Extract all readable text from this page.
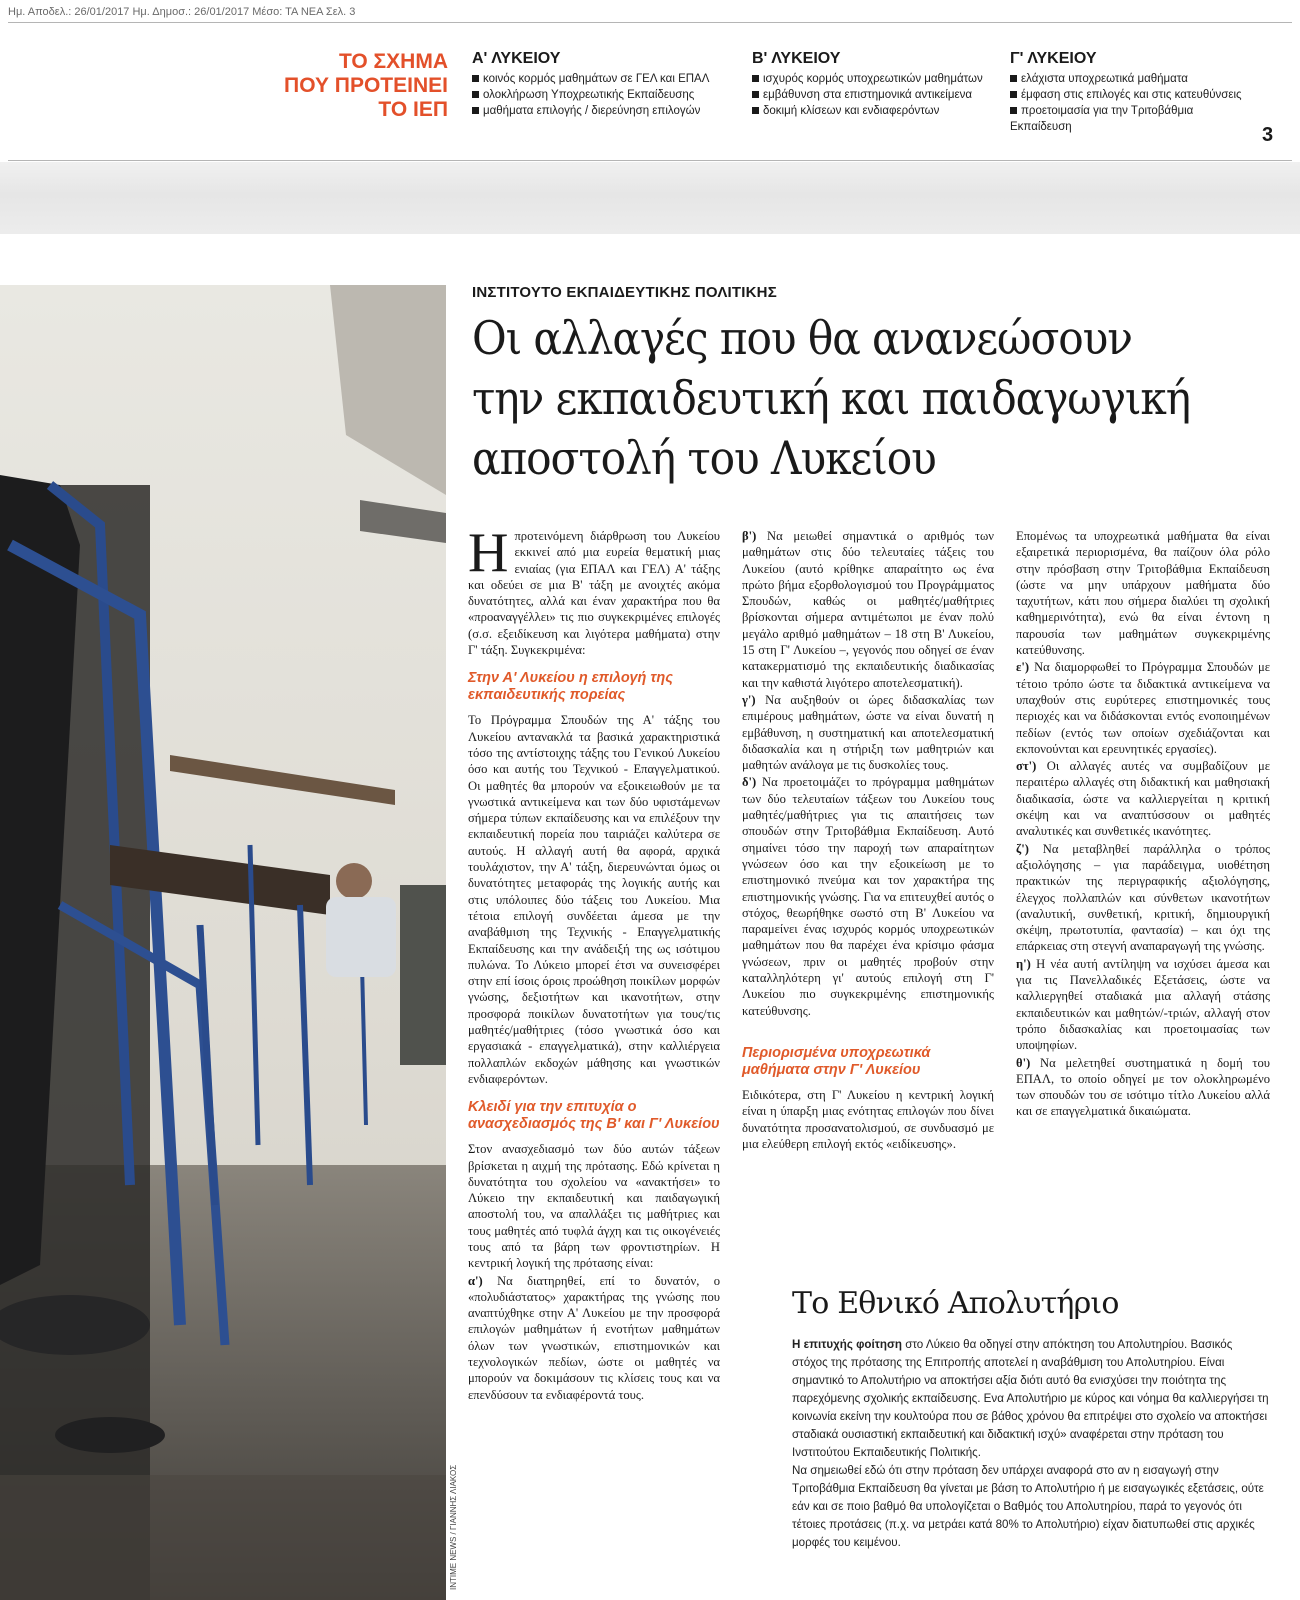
Ημ. Αποδελ.: 26/01/2017 Ημ. Δημοσ.: 26/01/2017 Μέσο: ΤΑ ΝΕΑ Σελ. 3
ΤΟ ΣΧΗΜΑ
ΠΟΥ ΠΡΟΤΕΙΝΕΙ
ΤΟ ΙΕΠ
Α' ΛΥΚΕΙΟΥ
κοινός κορμός μαθημάτων σε ΓΕΛ και ΕΠΑΛ
ολοκλήρωση Υποχρεωτικής Εκπαίδευσης
μαθήματα επιλογής / διερεύνηση επιλογών
Β' ΛΥΚΕΙΟΥ
ισχυρός κορμός υποχρεωτικών μαθημάτων
εμβάθυνση στα επιστημονικά αντικείμενα
δοκιμή κλίσεων και ενδιαφερόντων
Γ' ΛΥΚΕΙΟΥ
ελάχιστα υποχρεωτικά μαθήματα
έμφαση στις επιλογές και στις κατευθύνσεις
προετοιμασία για την Τριτοβάθμια Εκπαίδευση	3
INTIME NEWS / ΓΙΑΝΝΗΣ ΛΙΑΚΟΣ
ΙΝΣΤΙΤΟΥΤΟ ΕΚΠΑΙΔΕΥΤΙΚΗΣ ΠΟΛΙΤΙΚΗΣ
Οι αλλαγές που θα ανανεώσουν
την εκπαιδευτική και παιδαγωγική
αποστολή του Λυκείου

Ηπροτεινόμενη διάρθρωση του Λυκείου εκκινεί από μια ευρεία θεματική μιας ενιαίας (για ΕΠΑΛ και ΓΕΛ) Α' τάξης και οδεύει σε μια Β' τάξη με ανοιχτές ακόμα δυνατότητες, αλλά και έναν χαρακτήρα που θα «προαναγγέλλει» τις πιο συγκεκριμένες επιλογές (σ.σ. εξειδίκευση και λιγότερα μαθήματα) στην Γ' τάξη. Συγκεκριμένα:

Στην Α' Λυκείου η επιλογή της εκπαιδευτικής πορείας

Το Πρόγραμμα Σπουδών της Α' τάξης του Λυκείου αντανακλά τα βασικά χαρακτηριστικά τόσο της αντίστοιχης τάξης του Γενικού Λυκείου όσο και αυτής του Τεχνικού - Επαγγελματικού. Οι μαθητές θα μπορούν να εξοικειωθούν με τα γνωστικά αντικείμενα και των δύο υφιστάμενων σήμερα τύπων εκπαίδευσης και να επιλέξουν την εκπαιδευτική πορεία που ταιριάζει καλύτερα σε αυτούς. Η αλλαγή αυτή θα αφορά, αρχικά τουλάχιστον, την Α' τάξη, διερευνώνται όμως οι δυνατότητες μεταφοράς της λογικής αυτής και στις υπόλοιπες δύο τάξεις του Λυκείου. Μια τέτοια επιλογή συνδέεται άμεσα με την αναβάθμιση της Τεχνικής - Επαγγελματικής Εκπαίδευσης και την ανάδειξή της ως ισότιμου πυλώνα. Το Λύκειο μπορεί έτσι να συνεισφέρει στην επί ίσοις όροις προώθηση ποικίλων μορφών γνώσης, δεξιοτήτων και ικανοτήτων, στην προσφορά ποικίλων δυνατοτήτων για τους/τις μαθητές/μαθήτριες (τόσο γνωστικά όσο και εργασιακά - επαγγελματικά), στην καλλιέργεια πολλαπλών εκδοχών μάθησης και γνωστικών ενδιαφερόντων.

Κλειδί για την επιτυχία ο ανασχεδιασμός της Β' και Γ' Λυκείου

Στον ανασχεδιασμό των δύο αυτών τάξεων βρίσκεται η αιχμή της πρότασης. Εδώ κρίνεται η δυνατότητα του σχολείου να «ανακτήσει» το Λύκειο την εκπαιδευτική και παιδαγωγική αποστολή του, να απαλλάξει τις μαθήτριες και τους μαθητές από τυφλά άγχη και τις οικογένειές τους από τα βάρη των φροντιστηρίων. Η κεντρική λογική της πρότασης είναι:

α') Να διατηρηθεί, επί το δυνατόν, ο «πολυδιάστατος» χαρακτήρας της γνώσης που αναπτύχθηκε στην Α' Λυκείου με την προσφορά επιλογών μαθημάτων ή ενοτήτων μαθημάτων όλων των γνωστικών, επιστημονικών και τεχνολογικών πεδίων, ώστε οι μαθητές να μπορούν να δοκιμάσουν τις κλίσεις τους και να επενδύσουν τα ενδιαφέροντά τους.

β') Να μειωθεί σημαντικά ο αριθμός των μαθημάτων στις δύο τελευταίες τάξεις του Λυκείου (αυτό κρίθηκε απαραίτητο ως ένα πρώτο βήμα εξορθολογισμού του Προγράμματος Σπουδών, καθώς οι μαθητές/μαθήτριες βρίσκονται σήμερα αντιμέτωποι με έναν πολύ μεγάλο αριθμό μαθημάτων – 18 στη Β' Λυκείου, 15 στη Γ' Λυκείου –, γεγονός που οδηγεί σε έναν κατακερματισμό της εκπαιδευτικής διαδικασίας και την καθιστά λιγότερο αποτελεσματική).

γ') Να αυξηθούν οι ώρες διδασκαλίας των επιμέρους μαθημάτων, ώστε να είναι δυνατή η εμβάθυνση, η συστηματική και αποτελεσματική διδασκαλία και η στήριξη των μαθητριών και μαθητών ανάλογα με τις δυσκολίες τους.

δ') Να προετοιμάζει το πρόγραμμα μαθημάτων των δύο τελευταίων τάξεων του Λυκείου τους μαθητές/μαθήτριες για τις απαιτήσεις των σπουδών στην Τριτοβάθμια Εκπαίδευση. Αυτό σημαίνει τόσο την παροχή των απαραίτητων γνώσεων όσο και την εξοικείωση με το επιστημονικό πνεύμα και τον χαρακτήρα της επιστημονικής γνώσης. Για να επιτευχθεί αυτός ο στόχος, θεωρήθηκε σωστό στη Β' Λυκείου να παραμείνει ένας ισχυρός κορμός υποχρεωτικών μαθημάτων που θα παρέχει ένα κρίσιμο φάσμα γνώσεων, πριν οι μαθητές προβούν στην καταλληλότερη γι' αυτούς επιλογή στη Γ' Λυκείου πιο συγκεκριμένης επιστημονικής κατεύθυνσης.

Περιορισμένα υποχρεωτικά μαθήματα στην Γ' Λυκείου

Ειδικότερα, στη Γ' Λυκείου η κεντρική λογική είναι η ύπαρξη μιας ενότητας επιλογών που δίνει δυνατότητα προσανατολισμού, σε συνδυασμό με μια ελεύθερη επιλογή εκτός «ειδίκευσης».

Επομένως τα υποχρεωτικά μαθήματα θα είναι εξαιρετικά περιορισμένα, θα παίζουν όλα ρόλο στην πρόσβαση στην Τριτοβάθμια Εκπαίδευση (ώστε να μην υπάρχουν μαθήματα δύο ταχυτήτων, κάτι που σήμερα διαλύει τη σχολική καθημερινότητα), ενώ θα είναι έντονη η παρουσία των μαθημάτων συγκεκριμένης κατεύθυνσης.

ε') Να διαμορφωθεί το Πρόγραμμα Σπουδών με τέτοιο τρόπο ώστε τα διδακτικά αντικείμενα να υπαχθούν στις ευρύτερες επιστημονικές τους περιοχές και να διδάσκονται εντός ενοποιημένων πεδίων (εντός των οποίων σχεδιάζονται και εκπονούνται και ερευνητικές εργασίες).

στ') Οι αλλαγές αυτές να συμβαδίζουν με περαιτέρω αλλαγές στη διδακτική και μαθησιακή διαδικασία, ώστε να καλλιεργείται η κριτική σκέψη και να αναπτύσσουν οι μαθητές αναλυτικές και συνθετικές ικανότητες.

ζ') Να μεταβληθεί παράλληλα ο τρόπος αξιολόγησης – για παράδειγμα, υιοθέτηση πρακτικών της περιγραφικής αξιολόγησης, έλεγχος πολλαπλών και σύνθετων ικανοτήτων (αναλυτική, συνθετική, κριτική, δημιουργική σκέψη, πρωτοτυπία, φαντασία) – και όχι της επάρκειας στη στεγνή αναπαραγωγή της γνώσης.

η') Η νέα αυτή αντίληψη να ισχύσει άμεσα και για τις Πανελλαδικές Εξετάσεις, ώστε να καλλιεργηθεί σταδιακά μια αλλαγή στάσης εκπαιδευτικών και μαθητών/-τριών, αλλαγή στον τρόπο διδασκαλίας και προετοιμασίας των υποψηφίων.

θ') Να μελετηθεί συστηματικά η δομή του ΕΠΑΛ, το οποίο οδηγεί με τον ολοκληρωμένο των σπουδών του σε ισότιμο τίτλο Λυκείου αλλά και σε επαγγελματικά δικαιώματα.

Το Εθνικό Απολυτήριο

Η επιτυχής φοίτηση στο Λύκειο θα οδηγεί στην απόκτηση του Απολυτηρίου. Βασικός στόχος της πρότασης της Επιτροπής αποτελεί η αναβάθμιση του Απολυτηρίου. Είναι σημαντικό το Απολυτήριο να αποκτήσει αξία διότι αυτό θα ενισχύσει την ποιότητα της παρεχόμενης σχολικής εκπαίδευσης. Ενα Απολυτήριο με κύρος και νόημα θα καλλιεργήσει τη κοινωνία εκείνη την κουλτούρα που σε βάθος χρόνου θα επιτρέψει στο σχολείο να αποκτήσει σταδιακά ουσιαστική εκπαιδευτική και διδακτική ισχύ» αναφέρεται στην πρόταση του Ινστιτούτου Εκπαιδευτικής Πολιτικής.

Να σημειωθεί εδώ ότι στην πρόταση δεν υπάρχει αναφορά στο αν η εισαγωγή στην Τριτοβάθμια Εκπαίδευση θα γίνεται με βάση το Απολυτήριο ή με εισαγωγικές εξετάσεις, ούτε εάν και σε ποιο βαθμό θα υπολογίζεται ο Βαθμός του Απολυτηρίου, παρά το γεγονός ότι τέτοιες προτάσεις (π.χ. να μετράει κατά 80% το Απολυτήριο) είχαν διατυπωθεί στις αρχικές μορφές του κειμένου.
